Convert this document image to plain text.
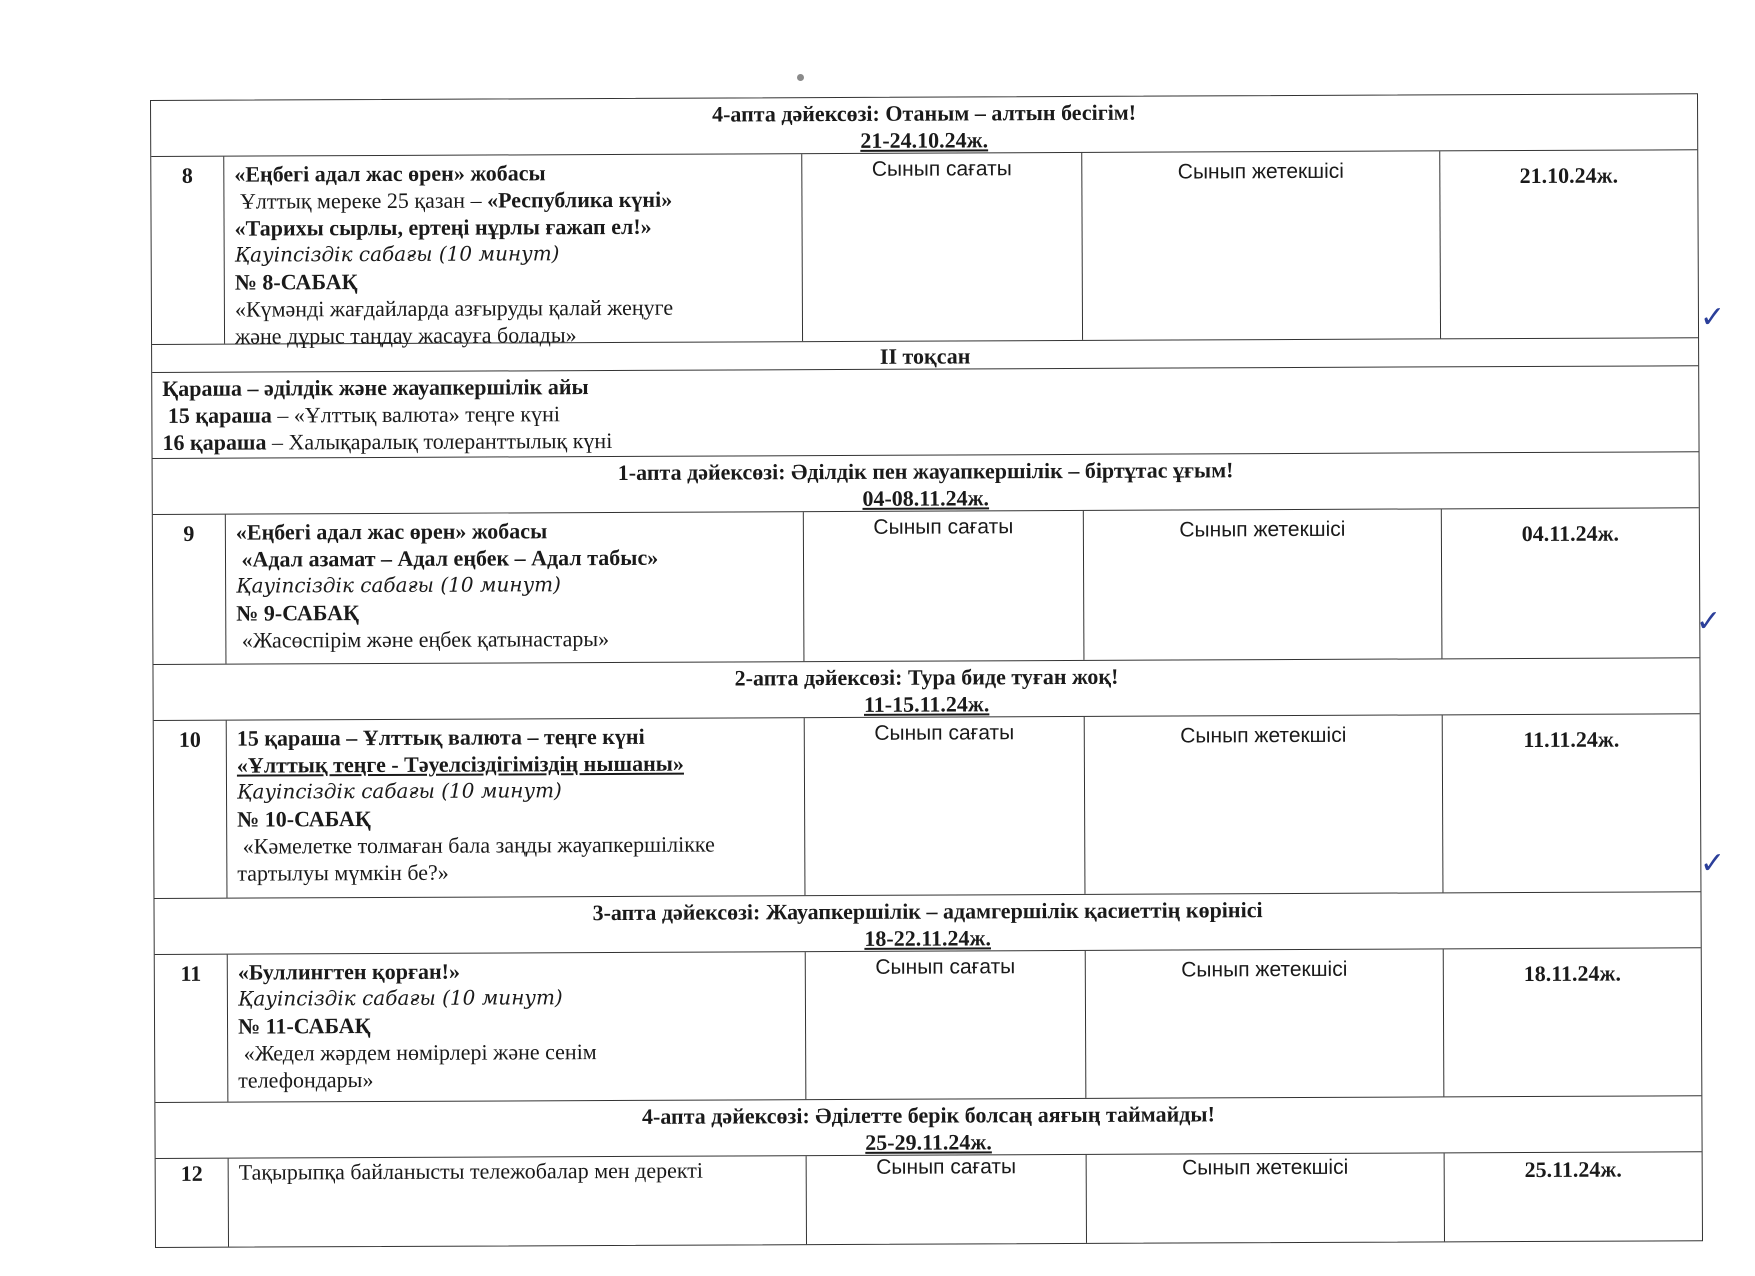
4-апта дәйексөзі: Отаным – алтын бесігім!
21-24.10.24ж.
8	«Еңбегі адал жас өрен» жобасы
Ұлттық мереке 25 қазан – «Республика күні»
«Тарихы сырлы, ертеңі нұрлы ғажап ел!»
Қауіпсіздік сабағы (10 минут)
№ 8-САБАҚ
«Күмәнді жағдайларда азғыруды қалай жеңуге
және дұрыс таңдау жасауға болады»
Сынып сағаты	Сынып жетекшісі	21.10.24ж.
II тоқсан
Қараша – әділдік және жауапкершілік айы
15 қараша – «Ұлттық валюта» теңге күні
16 қараша – Халықаралық толеранттылық күні
1-апта дәйексөзі: Әділдік пен жауапкершілік – біртұтас ұғым!
04-08.11.24ж.
9	«Еңбегі адал жас өрен» жобасы
«Адал азамат – Адал еңбек – Адал табыс»
Қауіпсіздік сабағы (10 минут)
№ 9-САБАҚ
«Жасөспірім және еңбек қатынастары»
Сынып сағаты	Сынып жетекшісі	04.11.24ж.
2-апта дәйексөзі: Тура биде туған жоқ!
11-15.11.24ж.
10	15 қараша – Ұлттық валюта – теңге күні
«Ұлттық теңге - Тәуелсіздігіміздің нышаны»
Қауіпсіздік сабағы (10 минут)
№ 10-САБАҚ
«Кәмелетке толмаған бала заңды жауапкершілікке
тартылуы мүмкін бе?»
Сынып сағаты	Сынып жетекшісі	11.11.24ж.
3-апта дәйексөзі: Жауапкершілік – адамгершілік қасиеттің көрінісі
18-22.11.24ж.
11	«Буллингтен қорған!»
Қауіпсіздік сабағы (10 минут)
№ 11-САБАҚ
«Жедел жәрдем нөмірлері және сенім
телефондары»
Сынып сағаты	Сынып жетекшісі	18.11.24ж.
4-апта дәйексөзі: Әділетте берік болсаң аяғың таймайды!
25-29.11.24ж.
12	Тақырыпқа байланысты тележобалар мен деректі	Сынып сағаты	Сынып жетекшісі	25.11.24ж.
✓
✓
✓
